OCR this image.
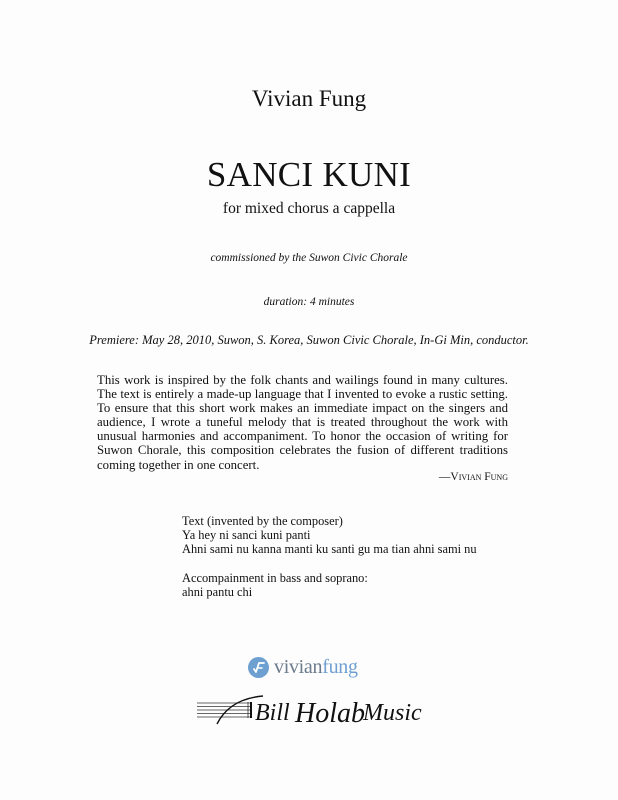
Vivian Fung
SANCI KUNI
for mixed chorus a cappella
commissioned by the Suwon Civic Chorale
duration: 4 minutes
Premiere: May 28, 2010, Suwon, S. Korea, Suwon Civic Chorale, In-Gi Min, conductor.

This work is inspired by the folk chants and wailings found in many cultures. The text is entirely a made-up language that I invented to evoke a rustic setting. To ensure that this short work makes an immediate impact on the singers and audience, I wrote a tuneful melody that is treated throughout the work with unusual harmonies and accompaniment. To honor the occasion of writing for Suwon Chorale, this composition celebrates the fusion of different traditions coming together in one concert.

—Vivian Fung
Text (invented by the composer)
Ya hey ni sanci kuni panti
Ahni sami nu kanna manti ku santi gu ma tian ahni sami nu
Accompainment in bass and soprano:
ahni pantu chi
vivianfung
Bill Holab
Music
